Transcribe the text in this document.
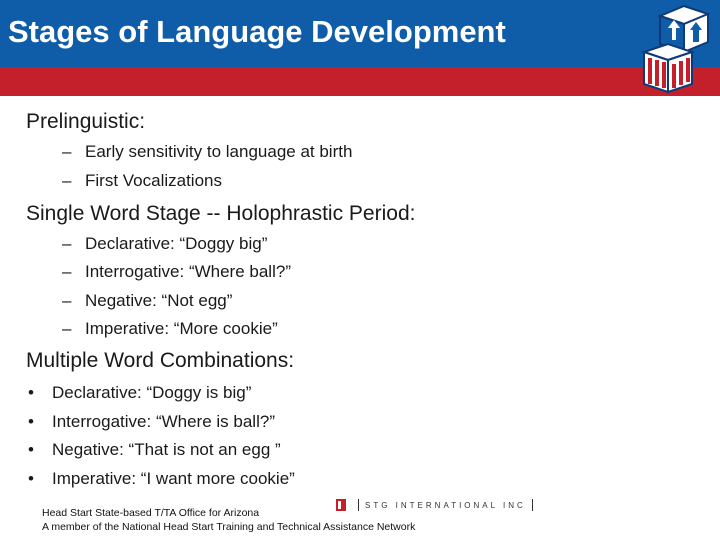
Stages of Language Development
Prelinguistic:
– Early sensitivity to language at birth
– First Vocalizations
Single Word Stage -- Holophrastic Period:
– Declarative: “Doggy big”
– Interrogative: “Where ball?”
– Negative: “Not egg”
– Imperative: “More cookie”
Multiple Word Combinations:
• Declarative: “Doggy is big”
• Interrogative: “Where is ball?”
• Negative: “That is not an egg ”
• Imperative: “I want more cookie”
STG INTERNATIONAL INC
Head Start State-based T/TA Office for Arizona
A member of the National Head Start Training and Technical Assistance Network
